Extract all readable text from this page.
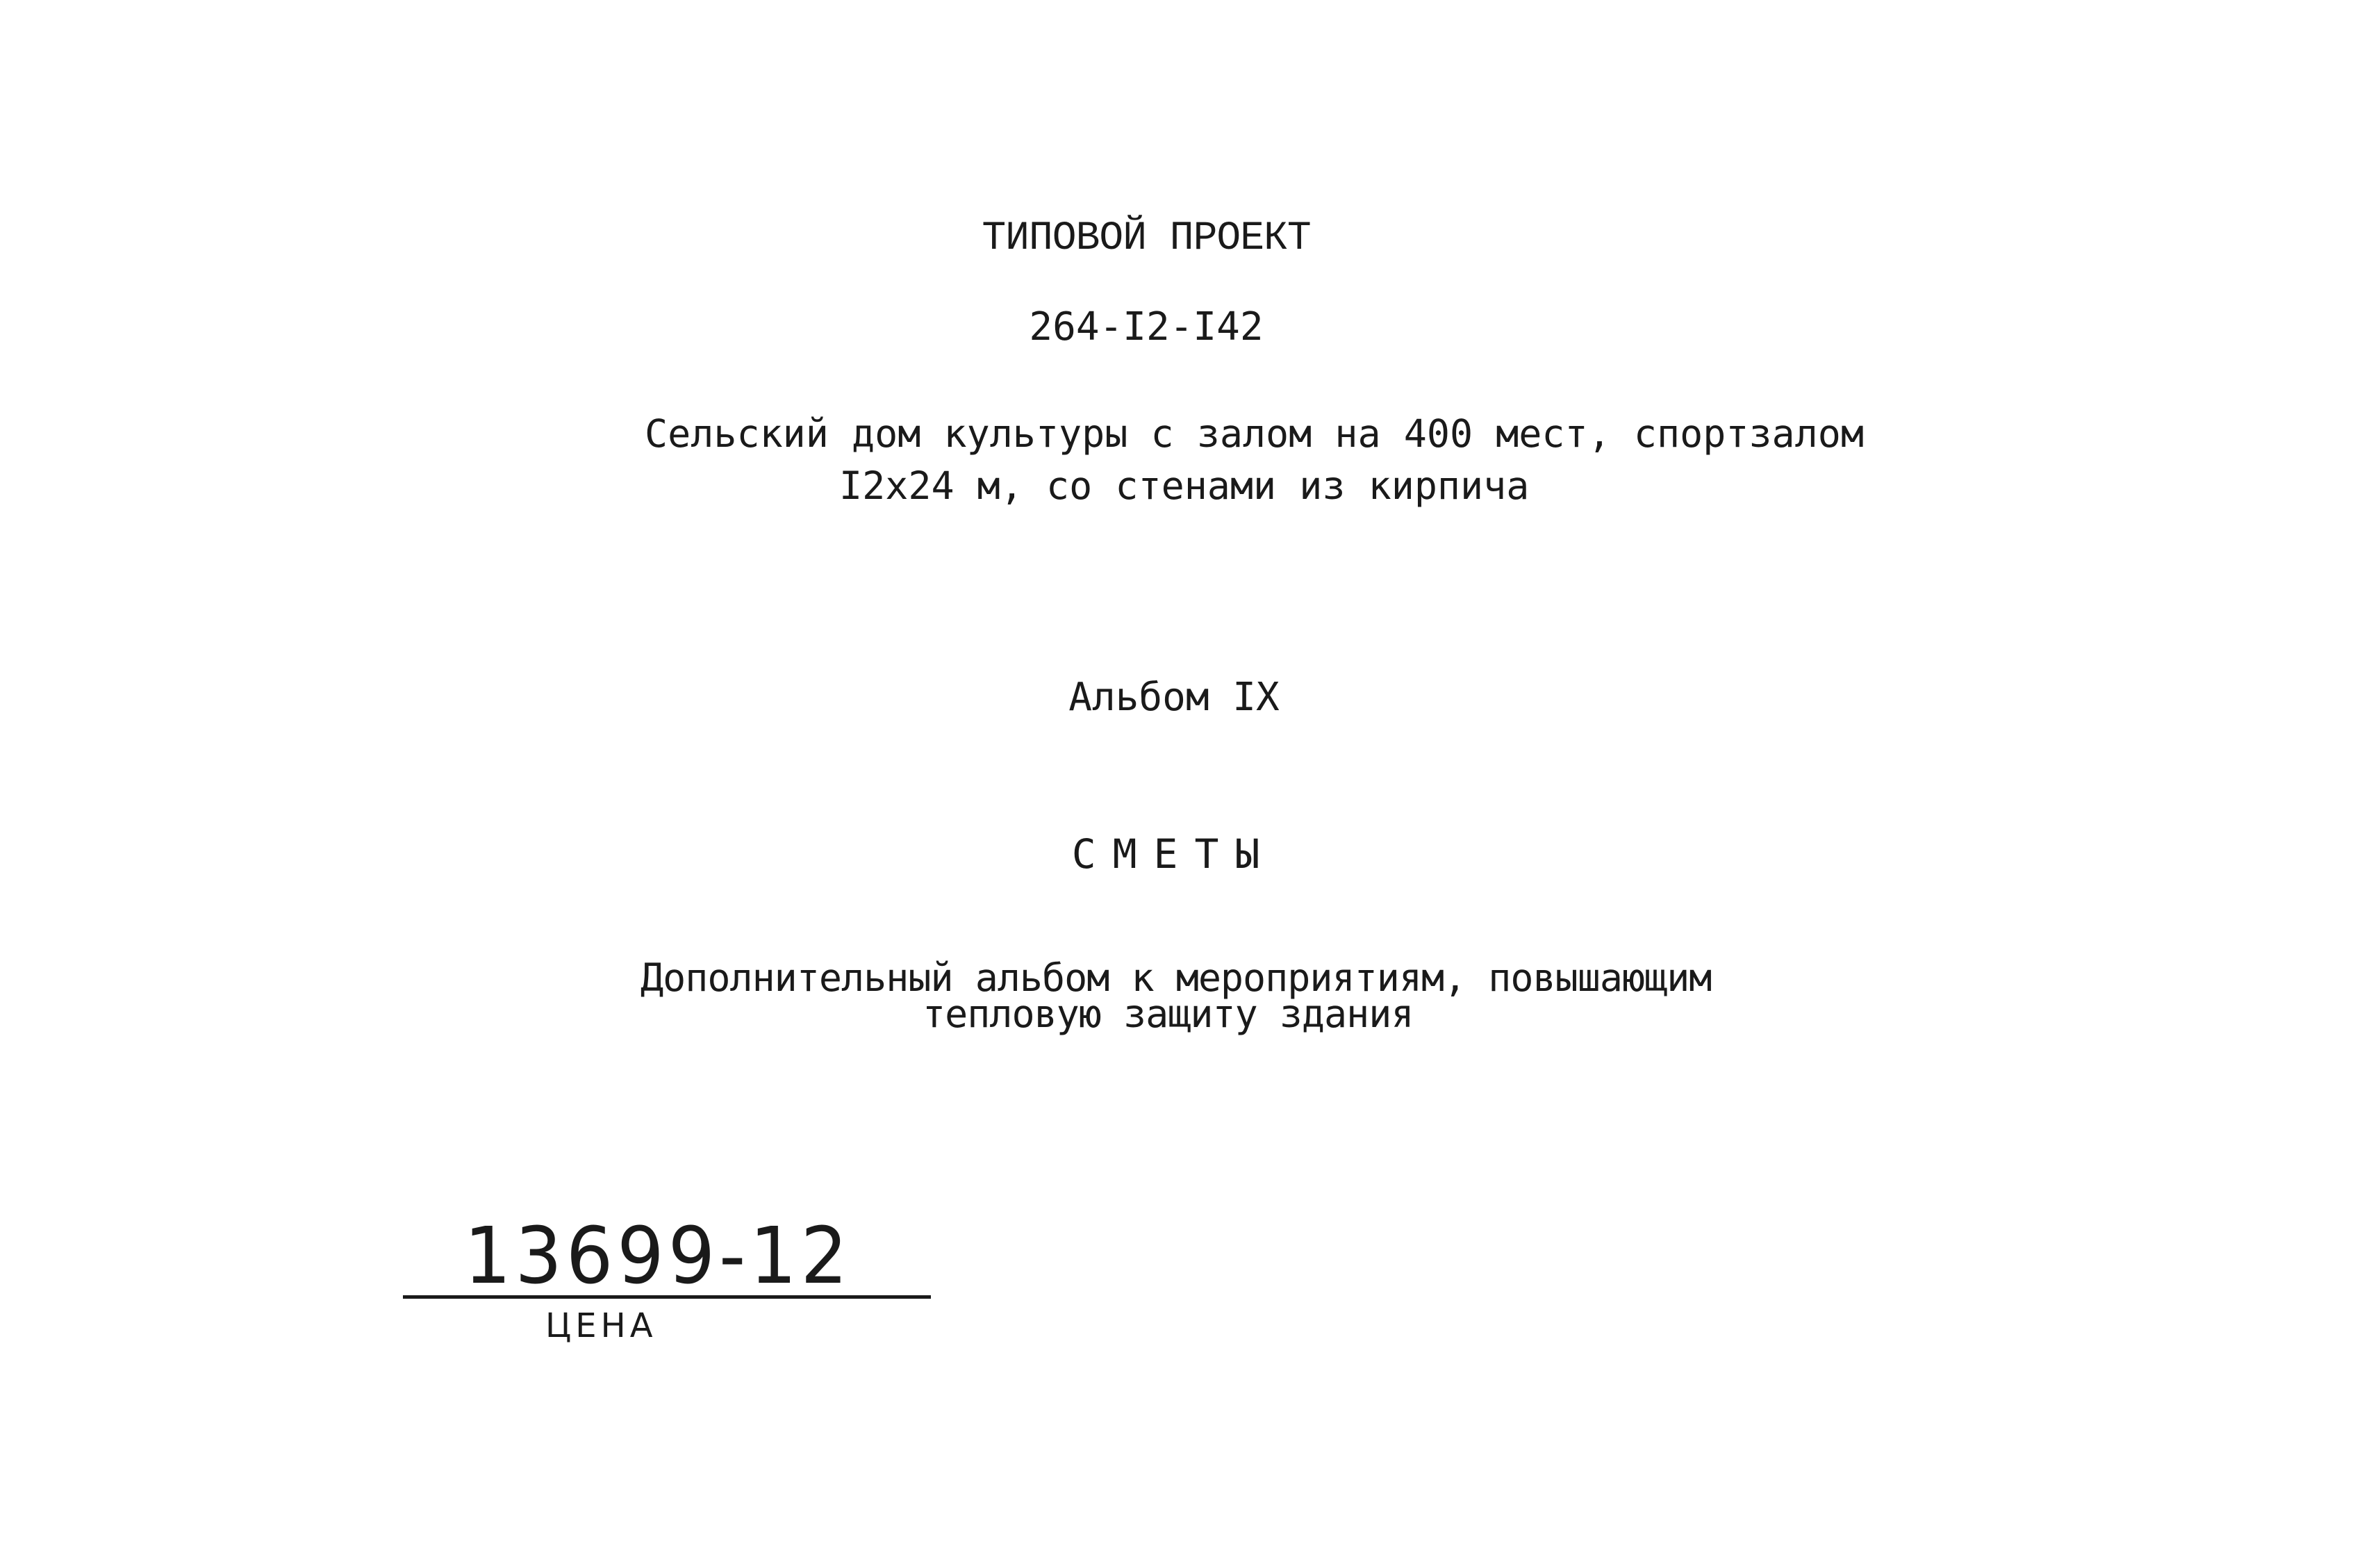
ТИПОВОЙ ПРОЕКТ
264-I2-I42
Сельский дом культуры с залом на 400 мест, спортзалом
I2х24 м, со стенами из кирпича
Альбом IX
СМЕТЫ
Дополнительный альбом к мероприятиям, повышающим
тепловую защиту здания
13699-12
ЦЕНА
